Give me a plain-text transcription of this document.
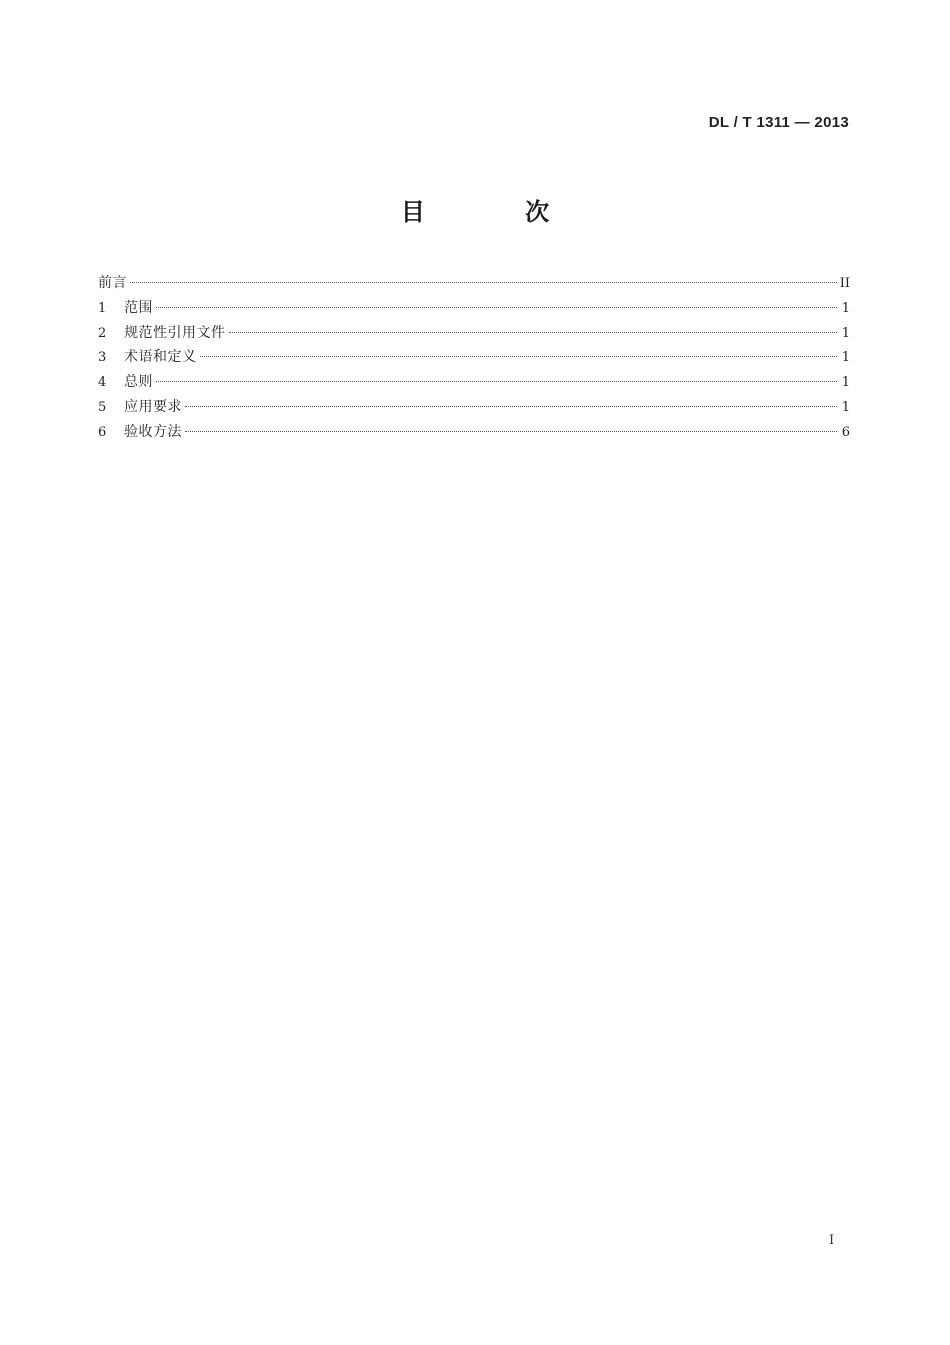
DL / T 1311 — 2013
目 次
前言	II
1	范围	1
2	规范性引用文件	1
3	术语和定义	1
4	总则	1
5	应用要求	1
6	验收方法	6
I
